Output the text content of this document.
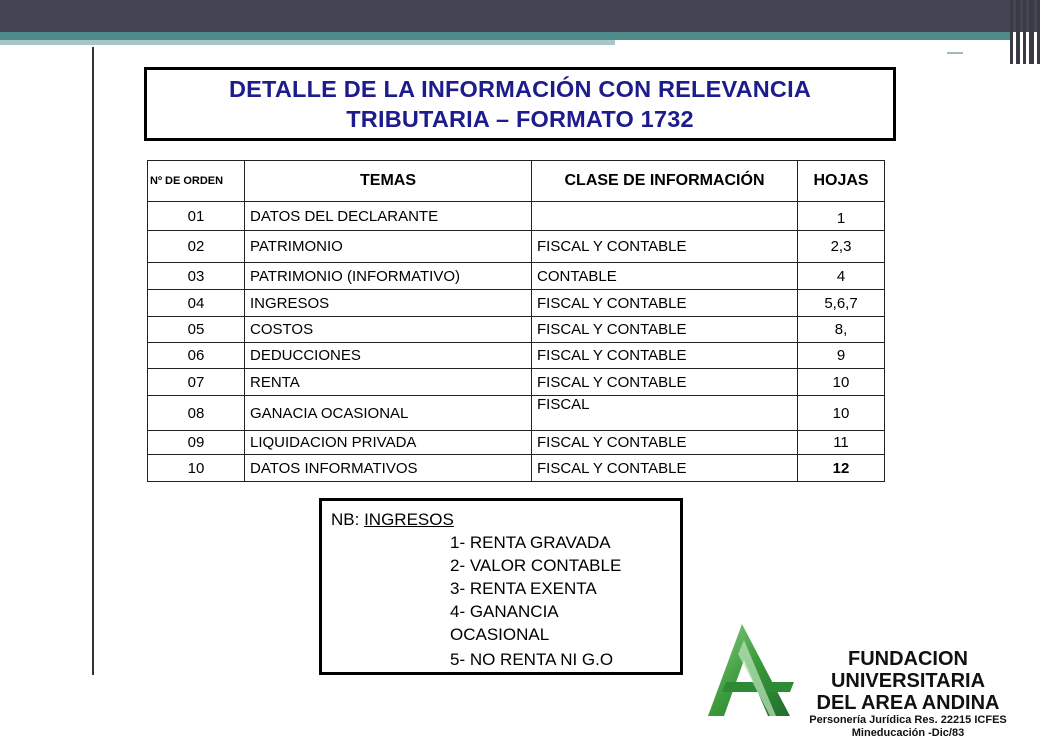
DETALLE DE LA INFORMACIÓN CON RELEVANCIA
TRIBUTARIA – FORMATO 1732
Nº DE ORDEN	TEMAS	CLASE DE INFORMACIÓN	HOJAS
01	DATOS DEL DECLARANTE		1
02	PATRIMONIO	FISCAL Y CONTABLE	2,3
03	PATRIMONIO (INFORMATIVO)	CONTABLE	4
04	INGRESOS	FISCAL Y CONTABLE	5,6,7
05	COSTOS	FISCAL Y CONTABLE	8,
06	DEDUCCIONES	FISCAL Y CONTABLE	9
07	RENTA	FISCAL Y CONTABLE	10
08	GANACIA OCASIONAL	FISCAL	10
09	LIQUIDACION PRIVADA	FISCAL Y CONTABLE	11
10	DATOS INFORMATIVOS	FISCAL Y CONTABLE	12
NB: INGRESOS
1- RENTA GRAVADA
2- VALOR CONTABLE
3- RENTA EXENTA
4- GANANCIA
OCASIONAL
5- NO RENTA NI G.O	FUNDACION UNIVERSITARIA
DEL AREA ANDINA
Personería Jurídica Res. 22215 ICFES
Mineducación -Dic/83
